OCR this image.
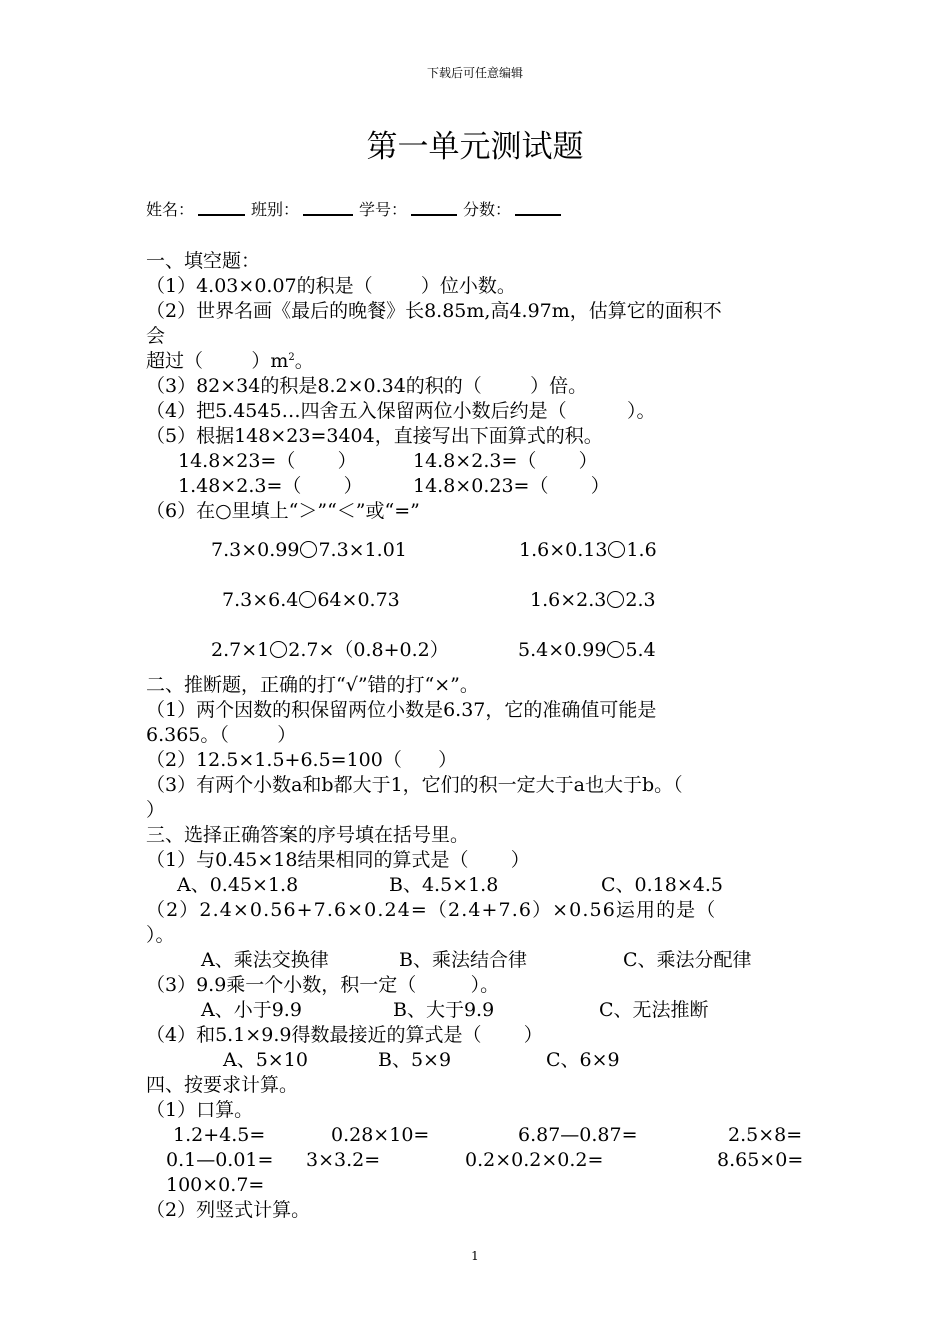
下载后可任意编辑
第一单元测试题
姓名：	班别：	学号：	分数：
一、填空题：
（1）4.03×0.07的积是（        ）位小数。
（2）世界名画《最后的晚餐》长8.85m,高4.97m，估算它的面积不
会
超过（        ）$m^2$。
（3）82×34的积是8.2×0.34的积的（        ）倍。
（4）把5.4545…四舍五入保留两位小数后约是（          ）。
（5）根据148×23=3404，直接写出下面算式的积。
14.8×23=（       ）	14.8×2.3=（       ）
1.48×2.3=（       ）	14.8×0.23=（       ）
（6）在○里填上“＞”“＜”或“=”
7.3×0.99 7.3×1.01	1.6×0.13 1.6
7.3×6.4 64×0.73	1.6×2.3 2.3
2.7×1 2.7×（0.8+0.2）	5.4×0.99 5.4
二、推断题，正确的打“√”错的打“×”。
（1）两个因数的积保留两位小数是6.37，它的准确值可能是
6.365。（        ）
（2）12.5×1.5+6.5=100（      ）
（3）有两个小数a和b都大于1，它们的积一定大于a也大于b。（
）
三、选择正确答案的序号填在括号里。
（1）与0.45×18结果相同的算式是（       ）
A、0.45×1.8	B、4.5×1.8	C、0.18×4.5
（2）2.4×0.56+7.6×0.24=（2.4+7.6）×0.56运用的是（
）。
A、乘法交换律	B、乘法结合律	C、乘法分配律
（3）9.9乘一个小数，积一定（         ）。
A、小于9.9	B、大于9.9	C、无法推断
（4）和5.1×9.9得数最接近的算式是（       ）
A、5×10	B、5×9	C、6×9
四、按要求计算。
（1）口算。
1.2+4.5=	0.28×10=	6.87—0.87=	2.5×8=
0.1—0.01= 3×3.2=	0.2×0.2×0.2=	8.65×0=
100×0.7=
（2）列竖式计算。
1
